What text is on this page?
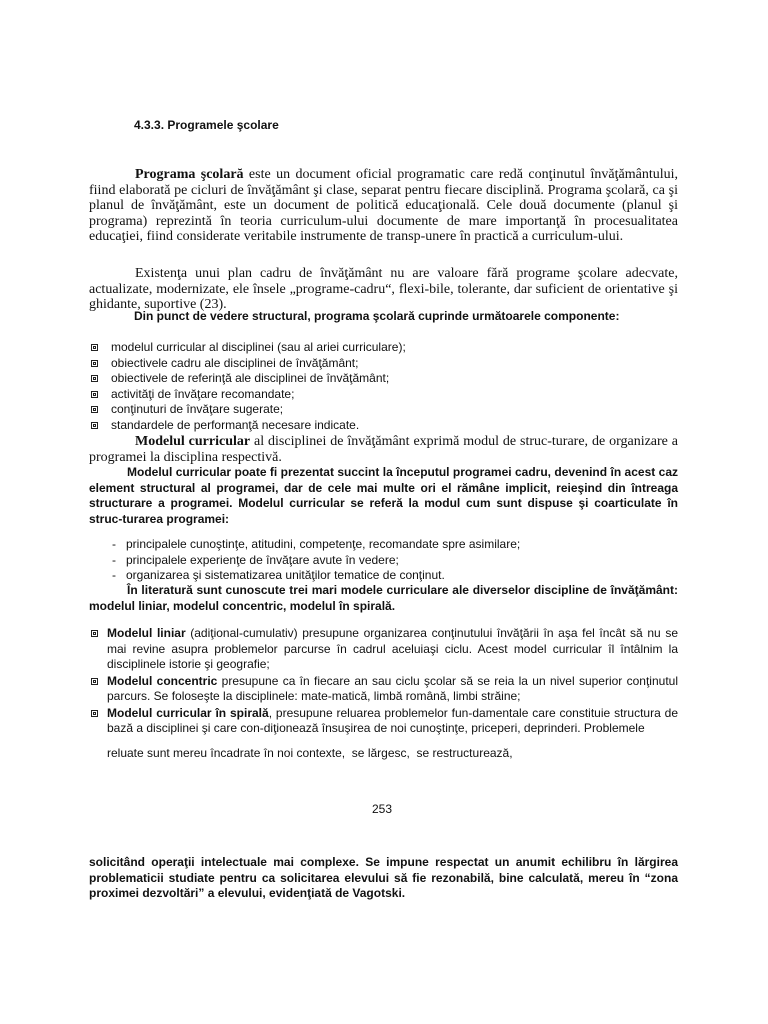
4.3.3. Programele şcolare

Programa şcolară este un document oficial programatic care redă conţinutul învăţământului, fiind elaborată pe cicluri de învăţământ şi clase, separat pentru fiecare disciplină. Programa şcolară, ca şi planul de învăţământ, este un document de politică educaţională. Cele două documente (planul şi programa) reprezintă în teoria curriculum-ului documente de mare importanţă în procesualitatea educaţiei, fiind considerate veritabile instrumente de transp-unere în practică a curriculum-ului.

Existenţa unui plan cadru de învăţământ nu are valoare fără programe şcolare adecvate, actualizate, modernizate, ele însele „programe-cadru“, flexi-bile, tolerante, dar suficient de orientative şi ghidante, suportive (23).

Din punct de vedere structural, programa şcolară cuprinde următoarele componente:

modelul curricular al disciplinei (sau al ariei curriculare);
obiectivele cadru ale disciplinei de învăţământ;
obiectivele de referinţă ale disciplinei de învăţământ;
activităţi de învăţare recomandate;
conţinuturi de învăţare sugerate;
standardele de performanţă necesare indicate.

Modelul curricular al disciplinei de învăţământ exprimă modul de struc-turare, de organizare a programei la disciplina respectivă.

Modelul curricular poate fi prezentat succint la începutul programei cadru, devenind în acest caz element structural al programei, dar de cele mai multe ori el rămâne implicit, reieşind din întreaga structurare a programei. Modelul curricular se referă la modul cum sunt dispuse şi coarticulate în struc-turarea programei:

- principalele cunoştinţe, atitudini, competenţe, recomandate spre asimilare;
- principalele experienţe de învăţare avute în vedere;
- organizarea şi sistematizarea unităţilor tematice de conţinut.

În literatură sunt cunoscute trei mari modele curriculare ale diverselor discipline de învăţământ: modelul liniar, modelul concentric, modelul în spirală.

Modelul liniar (adiţional-cumulativ) presupune organizarea conţinutului învăţării în aşa fel încât să nu se mai revine asupra problemelor parcurse în cadrul aceluiaşi ciclu. Acest model curricular îl întâlnim la disciplinele istorie şi geografie;
Modelul concentric presupune ca în fiecare an sau ciclu şcolar să se reia la un nivel superior conţinutul parcurs. Se foloseşte la disciplinele: mate-matică, limbă română, limbi străine;
Modelul curricular în spirală, presupune reluarea problemelor fun-damentale care constituie structura de bază a disciplinei şi care con-diţionează însuşirea de noi cunoştinţe, priceperi, deprinderi. Problemele

reluate sunt mereu încadrate în noi contexte,  se lărgesc,  se restructurează,

253

solicitând operaţii intelectuale mai complexe. Se impune respectat un anumit echilibru în lărgirea problematicii studiate pentru ca solicitarea elevului să fie rezonabilă, bine calculată, mereu în “zona proximei dezvoltări” a elevului, evidenţiată de Vagotski.
